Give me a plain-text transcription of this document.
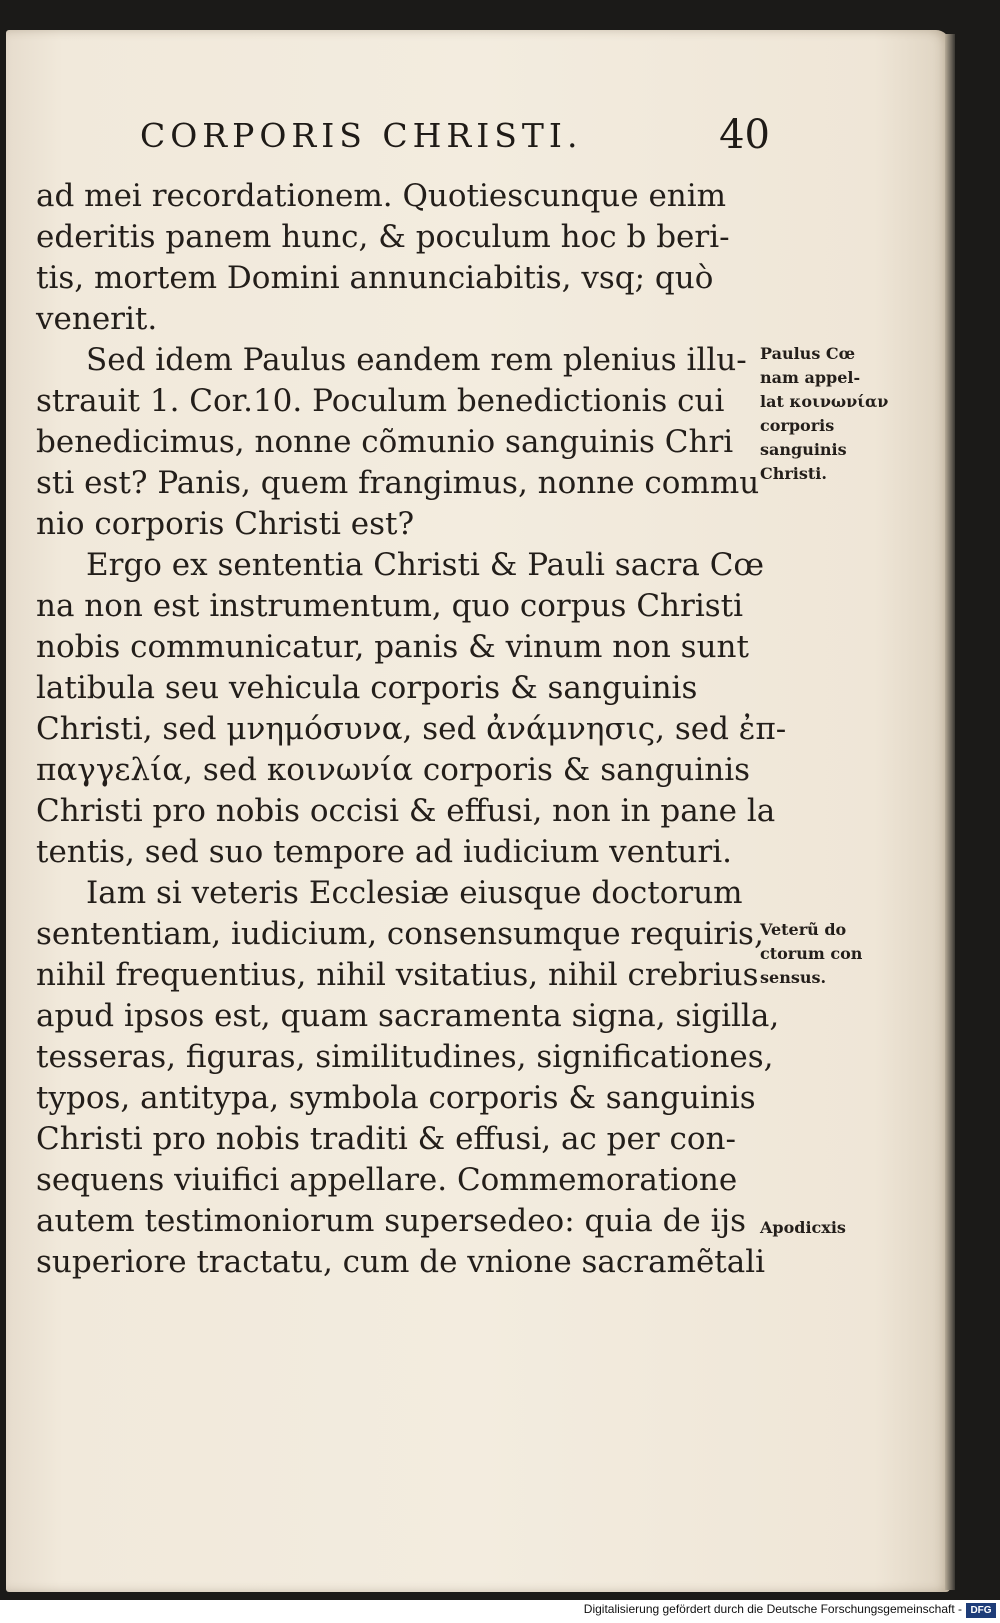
CORPORIS CHRISTI.	40
ad mei recordationem. Quotiescunque enim
ederitis panem hunc, & poculum hoc b beri-
tis, mortem Domini annunciabitis, vsq; quò
venerit.
Sed idem Paulus eandem rem plenius illu-
strauit 1. Cor.10. Poculum benedictionis cui
benedicimus, nonne cõmunio sanguinis Chri
sti est? Panis, quem frangimus, nonne commu
nio corporis Christi est?
Ergo ex sententia Christi & Pauli sacra Cœ
na non est instrumentum, quo corpus Christi
nobis communicatur, panis & vinum non sunt
latibula seu vehicula corporis & sanguinis
Christi, sed μνημόσυνα, sed ἀνάμνησις, sed ἐπ-
παγγελία, sed κοινωνία corporis & sanguinis
Christi pro nobis occisi & effusi, non in pane la
tentis, sed suo tempore ad iudicium venturi.
Iam si veteris Ecclesiæ eiusque doctorum
sententiam, iudicium, consensumque requiris,
nihil frequentius, nihil vsitatius, nihil crebrius
apud ipsos est, quam sacramenta signa, sigilla,
tesseras, figuras, similitudines, significationes,
typos, antitypa, symbola corporis & sanguinis
Christi pro nobis traditi & effusi, ac per con-
sequens viuifici appellare. Commemoratione
autem testimoniorum supersedeo: quia de ijs
superiore tractatu, cum de vnione sacramẽtali
Paulus Cœ
nam appel-
lat κοινωνίαν
corporis
sanguinis
Christi.
Veterũ do
ctorum con
sensus.
Apodicxis
Digitalisierung gefördert durch die Deutsche Forschungsgemeinschaft - DFG
